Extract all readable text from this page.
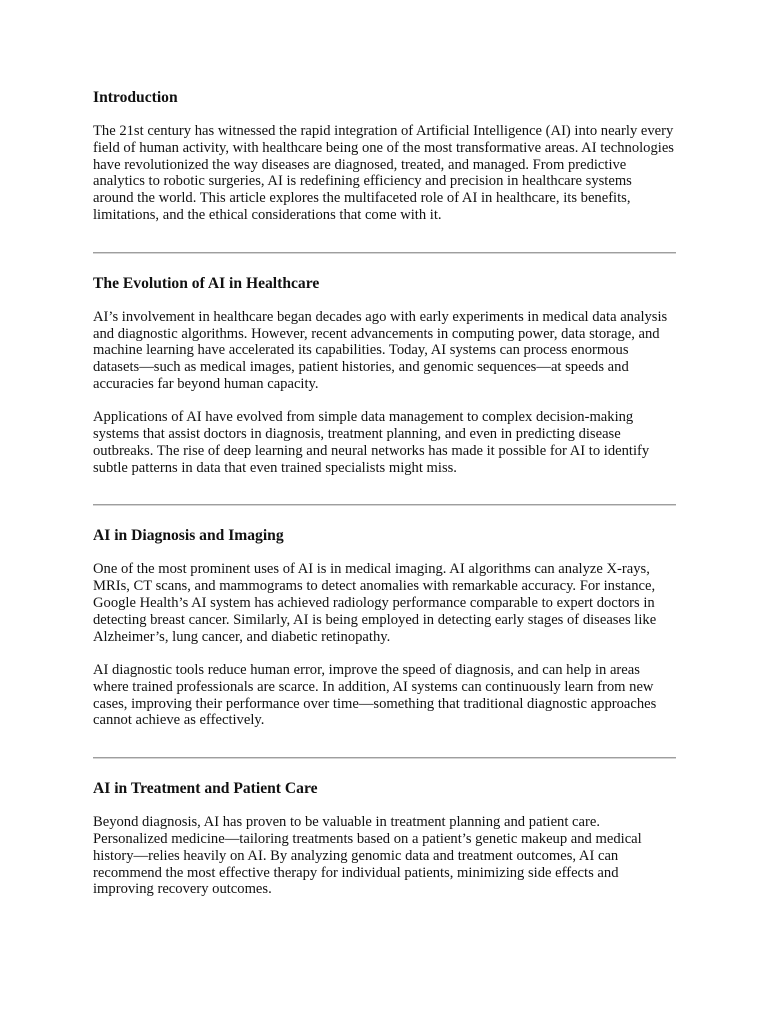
Introduction

The 21st century has witnessed the rapid integration of Artificial Intelligence (AI) into nearly every field of human activity, with healthcare being one of the most transformative areas. AI technologies have revolutionized the way diseases are diagnosed, treated, and managed. From predictive analytics to robotic surgeries, AI is redefining efficiency and precision in healthcare systems around the world. This article explores the multifaceted role of AI in healthcare, its benefits, limitations, and the ethical considerations that come with it.

The Evolution of AI in Healthcare

AI’s involvement in healthcare began decades ago with early experiments in medical data analysis and diagnostic algorithms. However, recent advancements in computing power, data storage, and machine learning have accelerated its capabilities. Today, AI systems can process enormous datasets—such as medical images, patient histories, and genomic sequences—at speeds and accuracies far beyond human capacity.

Applications of AI have evolved from simple data management to complex decision-making systems that assist doctors in diagnosis, treatment planning, and even in predicting disease outbreaks. The rise of deep learning and neural networks has made it possible for AI to identify subtle patterns in data that even trained specialists might miss.

AI in Diagnosis and Imaging

One of the most prominent uses of AI is in medical imaging. AI algorithms can analyze X-rays, MRIs, CT scans, and mammograms to detect anomalies with remarkable accuracy. For instance, Google Health’s AI system has achieved radiology performance comparable to expert doctors in detecting breast cancer. Similarly, AI is being employed in detecting early stages of diseases like Alzheimer’s, lung cancer, and diabetic retinopathy.

AI diagnostic tools reduce human error, improve the speed of diagnosis, and can help in areas where trained professionals are scarce. In addition, AI systems can continuously learn from new cases, improving their performance over time—something that traditional diagnostic approaches cannot achieve as effectively.

AI in Treatment and Patient Care

Beyond diagnosis, AI has proven to be valuable in treatment planning and patient care. Personalized medicine—tailoring treatments based on a patient’s genetic makeup and medical history—relies heavily on AI. By analyzing genomic data and treatment outcomes, AI can recommend the most effective therapy for individual patients, minimizing side effects and improving recovery outcomes.
